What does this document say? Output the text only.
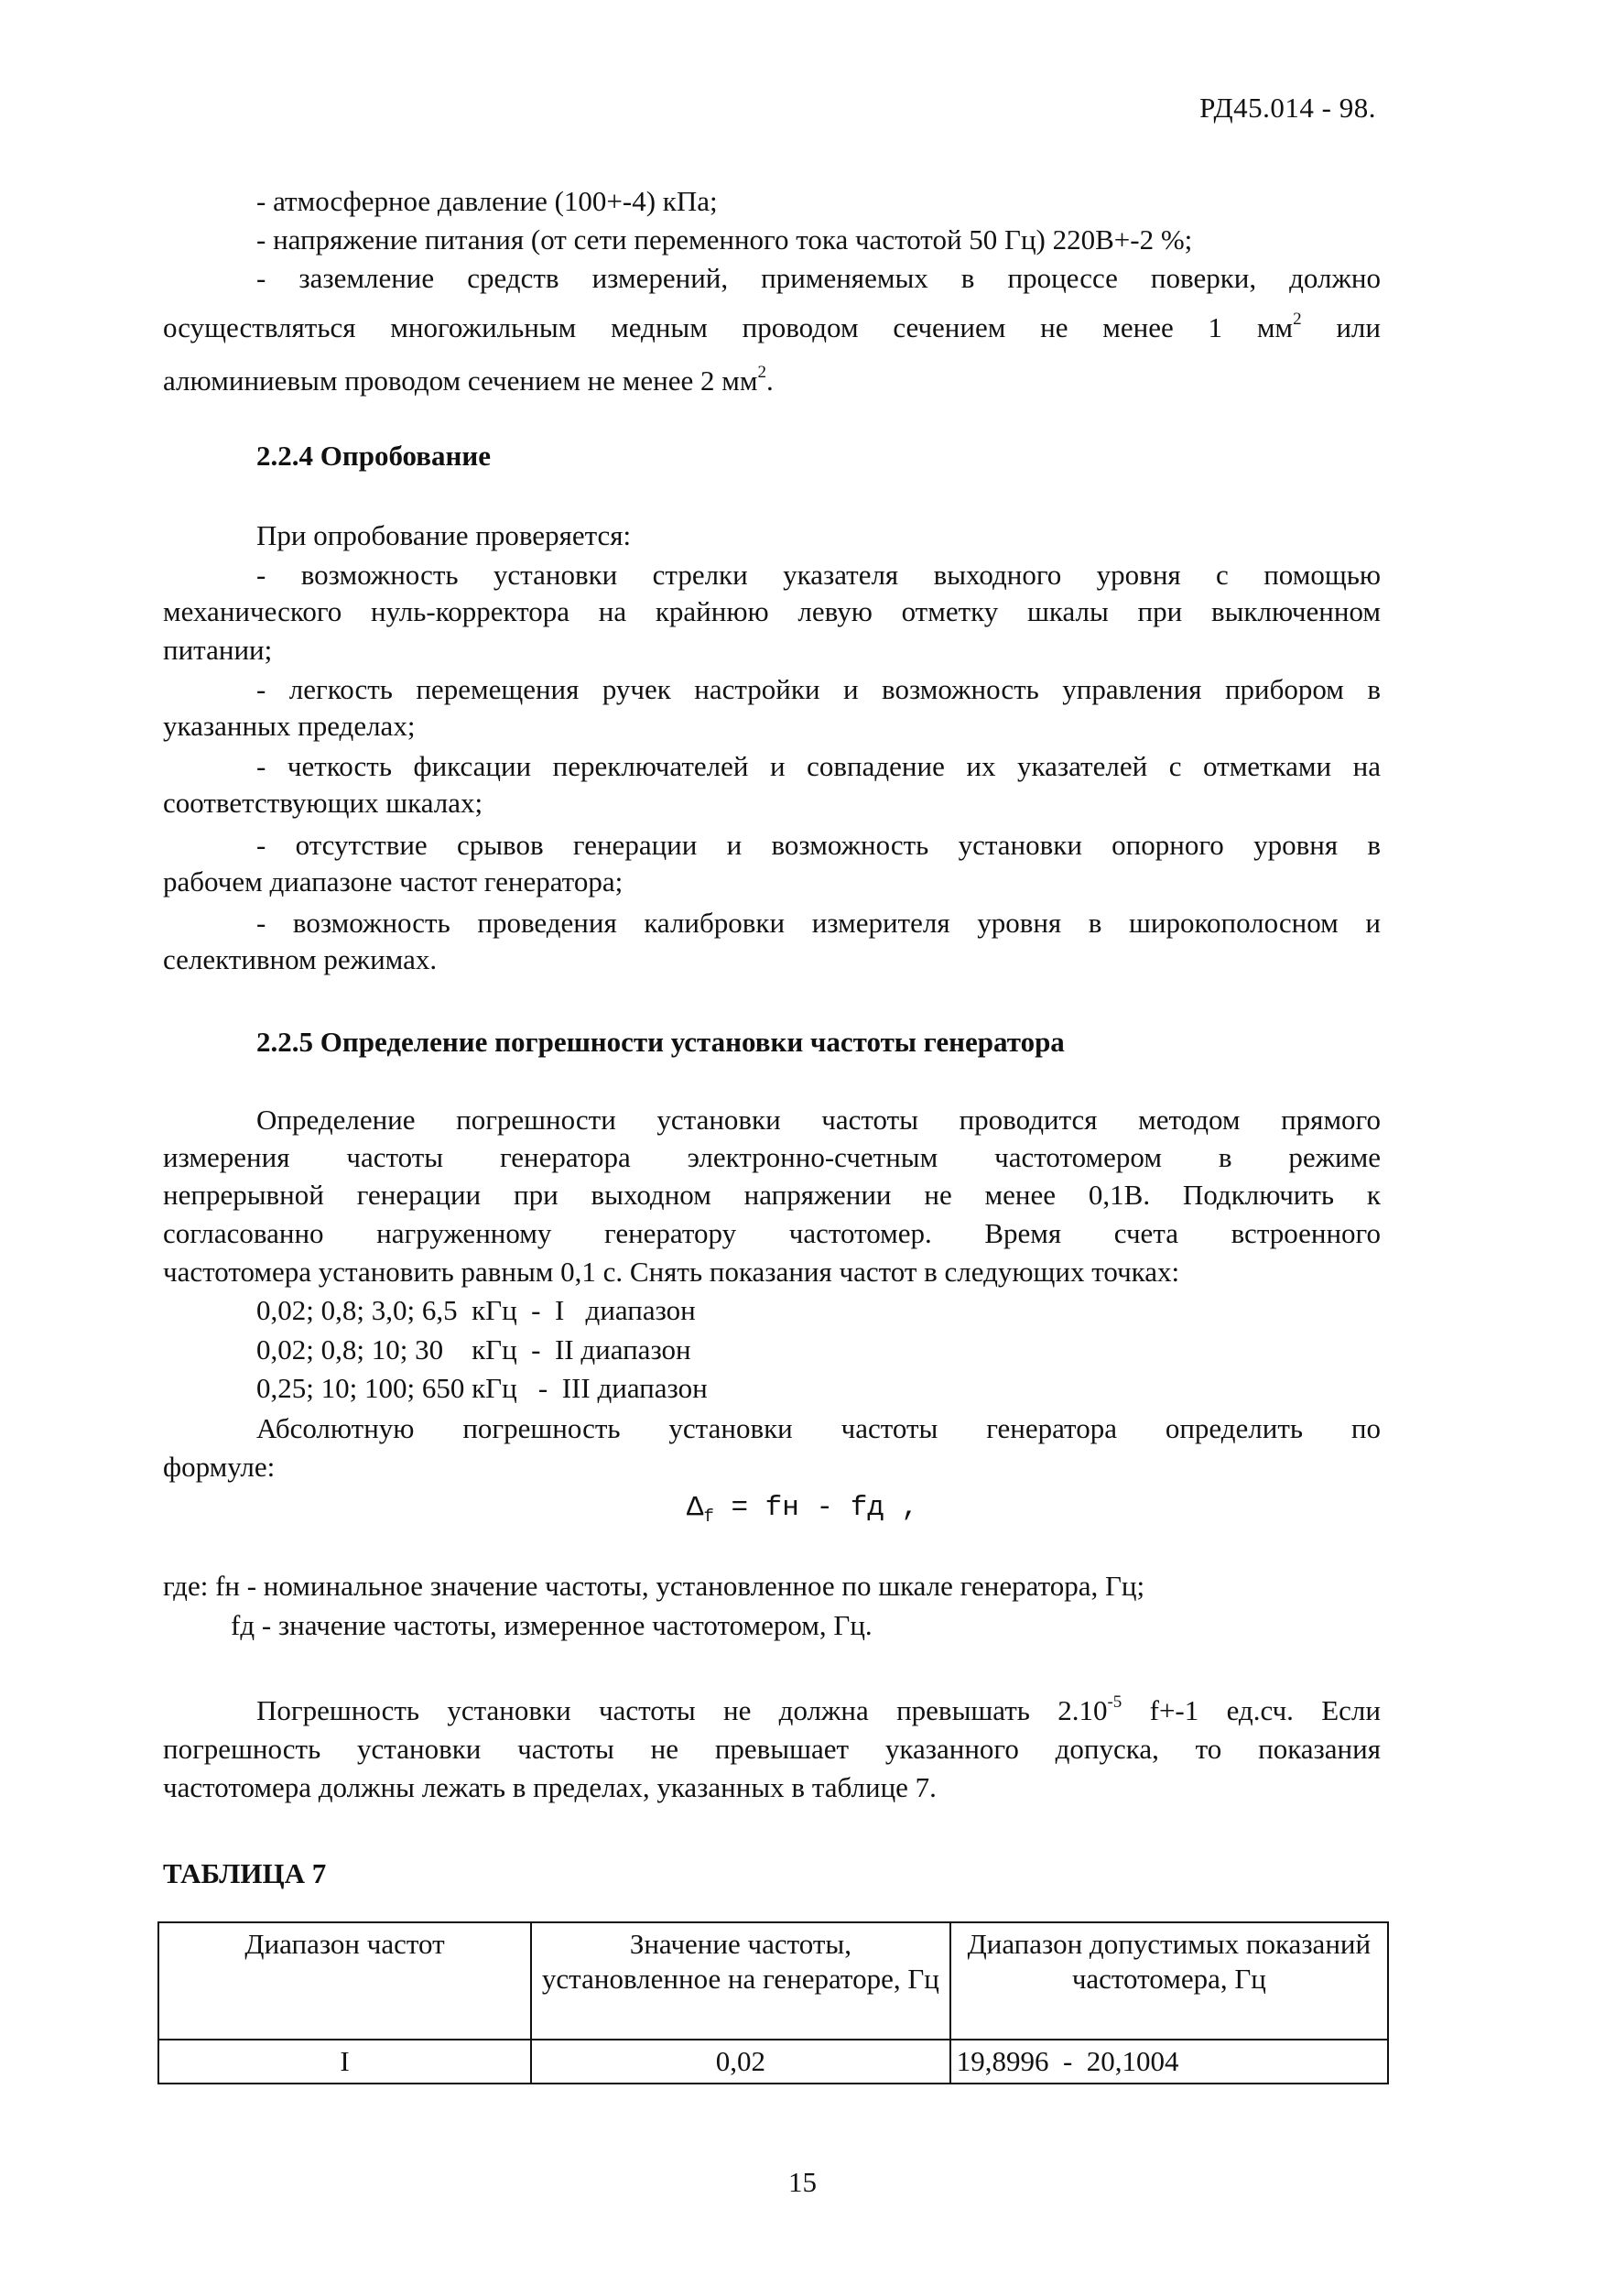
РД45.014 - 98.
- атмосферное давление (100+-4) кПа;
- напряжение питания (от сети переменного тока частотой 50 Гц) 220В+-2 %;
- заземление средств измерений, применяемых в процессе поверки, должно
осуществляться многожильным медным проводом сечением не менее 1 $мм^2$ или
алюминиевым проводом сечением не менее 2 $мм^2$.
2.2.4 Опробование
При опробование проверяется:
- возможность установки стрелки указателя выходного уровня с помощью
механического нуль-корректора на крайнюю левую отметку шкалы при выключенном
питании;
- легкость перемещения ручек настройки и возможность управления прибором в
указанных пределах;
- четкость фиксации переключателей и совпадение их указателей с отметками на
соответствующих шкалах;
- отсутствие срывов генерации и возможность установки опорного уровня в
рабочем диапазоне частот генератора;
- возможность проведения калибровки измерителя уровня в широкополосном и
селективном режимах.
2.2.5 Определение погрешности установки частоты генератора
Определение погрешности установки частоты проводится методом прямого
измерения частоты генератора электронно-счетным частотомером в режиме
непрерывной генерации при выходном напряжении не менее 0,1В. Подключить к
согласованно нагруженному генератору частотомер. Время счета встроенного
частотомера установить равным 0,1 с. Снять показания частот в следующих точках:
0,02; 0,8; 3,0; 6,5  кГц  -  I   диапазон
0,02; 0,8; 10; 30    кГц  -  II диапазон
0,25; 10; 100; 650 кГц   -  III диапазон
Абсолютную погрешность установки частоты генератора определить по
формуле:
$\Delta_f$ = fн - fд ,
где: fн - номинальное значение частоты, установленное по шкале генератора, Гц;
fд - значение частоты, измеренное частотомером, Гц.
Погрешность установки частоты не должна превышать $2.10^{-5}$ f+-1 ед.сч. Если
погрешность установки частоты не превышает указанного допуска, то показания
частотомера должны лежать в пределах, указанных в таблице 7.
ТАБЛИЦА 7
Диапазон частот	Значение частоты, установленное на генераторе, Гц	Диапазон допустимых показаний частотомера, Гц
I	0,02	19,8996  -  20,1004
15
